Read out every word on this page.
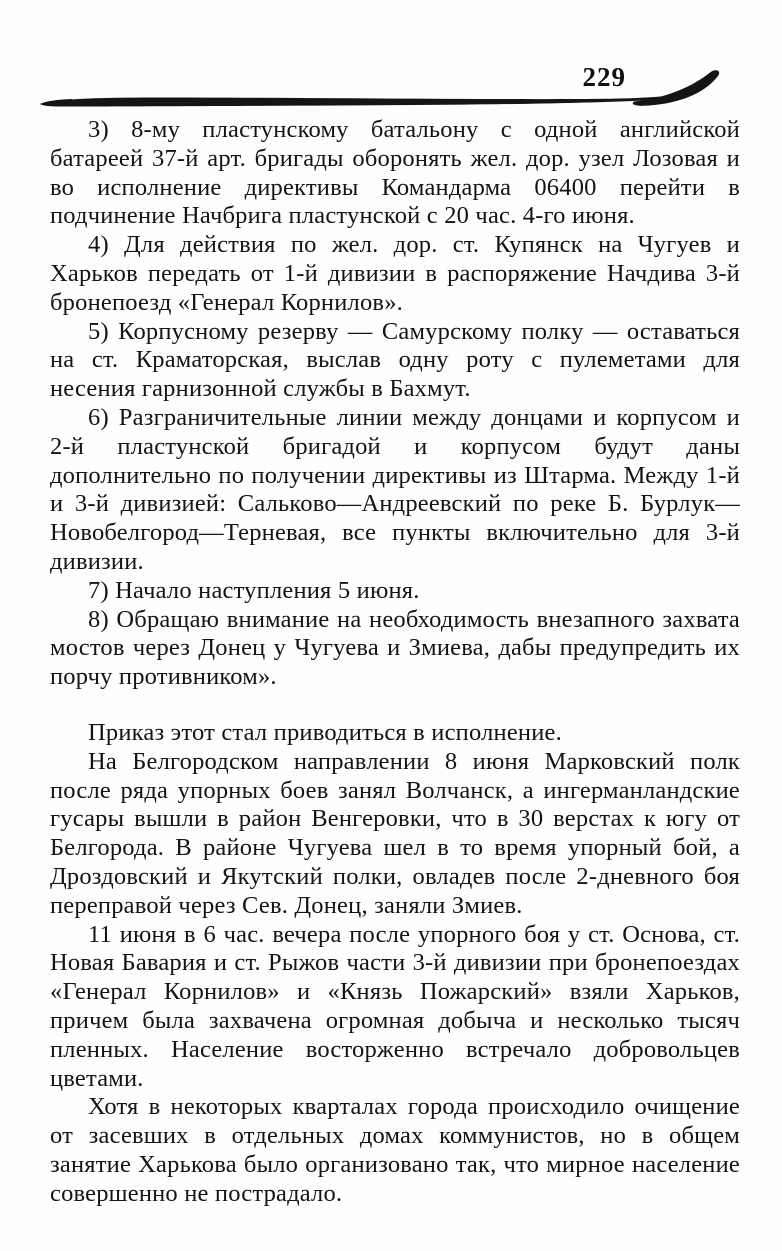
229

3) 8-му пластунскому батальону с одной английской батареей 37-й арт. бригады оборонять жел. дор. узел Лозовая и во исполнение директивы Командарма 06400 перейти в подчинение Начбрига пластунской с 20 час. 4-го июня.

4) Для действия по жел. дор. ст. Купянск на Чугуев и Харьков передать от 1-й дивизии в распоряжение Начдива 3-й бронепоезд «Генерал Корнилов».

5) Корпусному резерву — Самурскому полку — оставаться на ст. Краматорская, выслав одну роту с пулеметами для несения гарнизонной службы в Бахмут.

6) Разграничительные линии между донцами и корпусом и 2-й пластунской бригадой и корпусом будут даны дополнительно по получении директивы из Штарма. Между 1-й и 3-й дивизией: Сальково—Андреевский по реке Б. Бурлук—Новобелгород—Терневая, все пункты включительно для 3-й дивизии.

7) Начало наступления 5 июня.

8) Обращаю внимание на необходимость внезапного захвата мостов через Донец у Чугуева и Змиева, дабы предупредить их порчу противником».

Приказ этот стал приводиться в исполнение.

На Белгородском направлении 8 июня Марковский полк после ряда упорных боев занял Волчанск, а ингерманландские гусары вышли в район Венгеровки, что в 30 верстах к югу от Белгорода. В районе Чугуева шел в то время упорный бой, а Дроздовский и Якутский полки, овладев после 2-дневного боя переправой через Сев. Донец, заняли Змиев.

11 июня в 6 час. вечера после упорного боя у ст. Основа, ст. Новая Бавария и ст. Рыжов части 3-й дивизии при бронепоездах «Генерал Корнилов» и «Князь Пожарский» взяли Харьков, причем была захвачена огромная добыча и несколько тысяч пленных. Население восторженно встречало добровольцев цветами.

Хотя в некоторых кварталах города происходило очищение от засевших в отдельных домах коммунистов, но в общем занятие Харькова было организовано так, что мирное население совершенно не пострадало.
